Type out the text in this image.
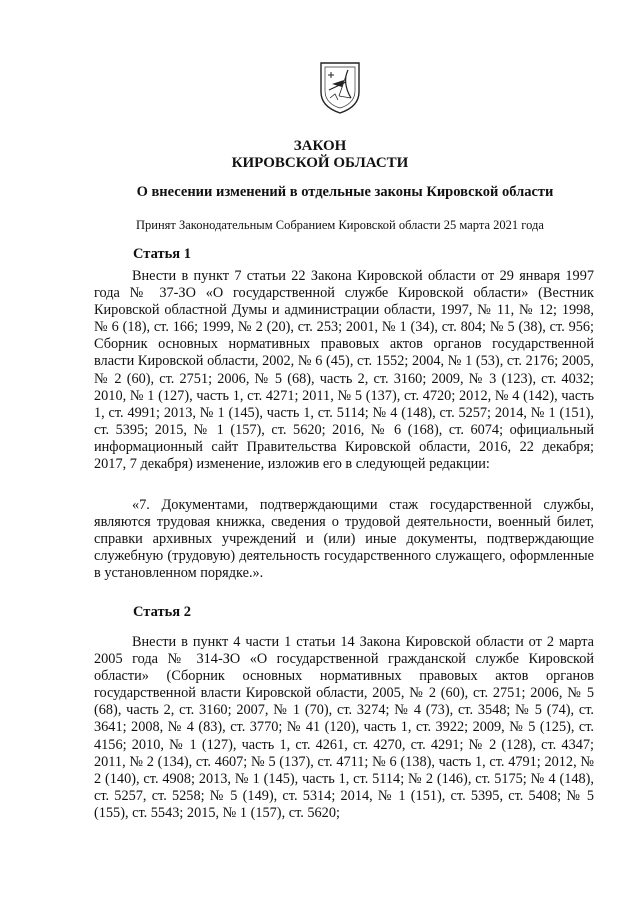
ЗАКОН
КИРОВСКОЙ ОБЛАСТИ
О внесении изменений в отдельные законы Кировской области
Принят Законодательным Собранием Кировской области 25 марта 2021 года
Статья 1

Внести в пункт 7 статьи 22 Закона Кировской области от 29 января 1997 года № 37-ЗО «О государственной службе Кировской области» (Вестник Кировской областной Думы и администрации области, 1997, № 11, № 12; 1998, № 6 (18), ст. 166; 1999, № 2 (20), ст. 253; 2001, № 1 (34), ст. 804; № 5 (38), ст. 956; Сборник основных нормативных правовых актов органов государственной власти Кировской области, 2002, № 6 (45), ст. 1552; 2004, № 1 (53), ст. 2176; 2005, № 2 (60), ст. 2751; 2006, № 5 (68), часть 2, ст. 3160; 2009, № 3 (123), ст. 4032; 2010, № 1 (127), часть 1, ст. 4271; 2011, № 5 (137), ст. 4720; 2012, № 4 (142), часть 1, ст. 4991; 2013, № 1 (145), часть 1, ст. 5114; № 4 (148), ст. 5257; 2014, № 1 (151), ст. 5395; 2015, № 1 (157), ст. 5620; 2016, № 6 (168), ст. 6074; официальный информационный сайт Правительства Кировской области, 2016, 22 декабря; 2017, 7 декабря) изменение, изложив его в следующей редакции:

«7. Документами, подтверждающими стаж государственной службы, являются трудовая книжка, сведения о трудовой деятельности, военный билет, справки архивных учреждений и (или) иные документы, подтверждающие служебную (трудовую) деятельность государственного служащего, оформленные в установленном порядке.».

Статья 2

Внести в пункт 4 части 1 статьи 14 Закона Кировской области от 2 марта 2005 года № 314-ЗО «О государственной гражданской службе Кировской области» (Сборник основных нормативных правовых актов органов государственной власти Кировской области, 2005, № 2 (60), ст. 2751; 2006, № 5 (68), часть 2, ст. 3160; 2007, № 1 (70), ст. 3274; № 4 (73), ст. 3548; № 5 (74), ст. 3641; 2008, № 4 (83), ст. 3770; № 41 (120), часть 1, ст. 3922; 2009, № 5 (125), ст. 4156; 2010, № 1 (127), часть 1, ст. 4261, ст. 4270, ст. 4291; № 2 (128), ст. 4347; 2011, № 2 (134), ст. 4607; № 5 (137), ст. 4711; № 6 (138), часть 1, ст. 4791; 2012, № 2 (140), ст. 4908; 2013, № 1 (145), часть 1, ст. 5114; № 2 (146), ст. 5175; № 4 (148), ст. 5257, ст. 5258; № 5 (149), ст. 5314; 2014, № 1 (151), ст. 5395, ст. 5408; № 5 (155), ст. 5543; 2015, № 1 (157), ст. 5620;
